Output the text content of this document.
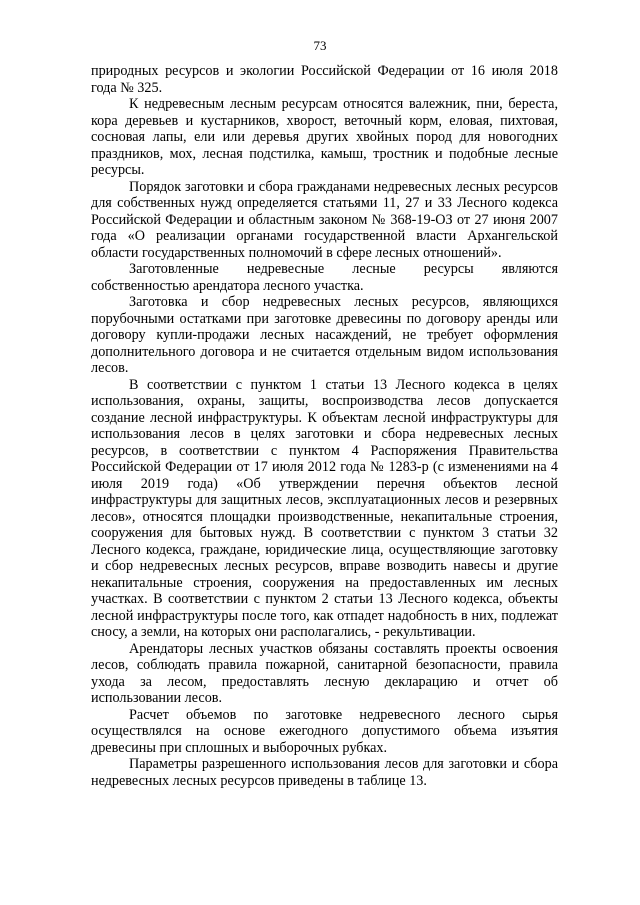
73

природных ресурсов и экологии Российской Федерации от 16 июля 2018 года № 325.

К недревесным лесным ресурсам относятся валежник, пни, береста, кора деревьев и кустарников, хворост, веточный корм, еловая, пихтовая, сосновая лапы, ели или деревья других хвойных пород для новогодних праздников, мох, лесная подстилка, камыш, тростник и подобные лесные ресурсы.

Порядок заготовки и сбора гражданами недревесных лесных ресурсов для собственных нужд определяется статьями 11, 27 и 33 Лесного кодекса Российской Федерации и областным законом № 368-19-ОЗ от 27 июня 2007 года «О реализации органами государственной власти Архангельской области государственных полномочий в сфере лесных отношений».

Заготовленные недревесные лесные ресурсы являются собственностью арендатора лесного участка.

Заготовка и сбор недревесных лесных ресурсов, являющихся порубочными остатками при заготовке древесины по договору аренды или договору купли-продажи лесных насаждений, не требует оформления дополнительного договора и не считается отдельным видом использования лесов.

В соответствии с пунктом 1 статьи 13 Лесного кодекса в целях использования, охраны, защиты, воспроизводства лесов допускается создание лесной инфраструктуры. К объектам лесной инфраструктуры для использования лесов в целях заготовки и сбора недревесных лесных ресурсов, в соответствии с пунктом 4 Распоряжения Правительства Российской Федерации от 17 июля 2012 года № 1283-р (с изменениями на 4 июля 2019 года) «Об утверждении перечня объектов лесной инфраструктуры для защитных лесов, эксплуатационных лесов и резервных лесов», относятся площадки производственные, некапитальные строения, сооружения для бытовых нужд. В соответствии с пунктом 3 статьи 32 Лесного кодекса, граждане, юридические лица, осуществляющие заготовку и сбор недревесных лесных ресурсов, вправе возводить навесы и другие некапитальные строения, сооружения на предоставленных им лесных участках. В соответствии с пунктом 2 статьи 13 Лесного кодекса, объекты лесной инфраструктуры после того, как отпадет надобность в них, подлежат сносу, а земли, на которых они располагались, - рекультивации.

Арендаторы лесных участков обязаны составлять проекты освоения лесов, соблюдать правила пожарной, санитарной безопасности, правила ухода за лесом, предоставлять лесную декларацию и отчет об использовании лесов.

Расчет объемов по заготовке недревесного лесного сырья осуществлялся на основе ежегодного допустимого объема изъятия древесины при сплошных и выборочных рубках.

Параметры разрешенного использования лесов для заготовки и сбора недревесных лесных ресурсов приведены в таблице 13.
